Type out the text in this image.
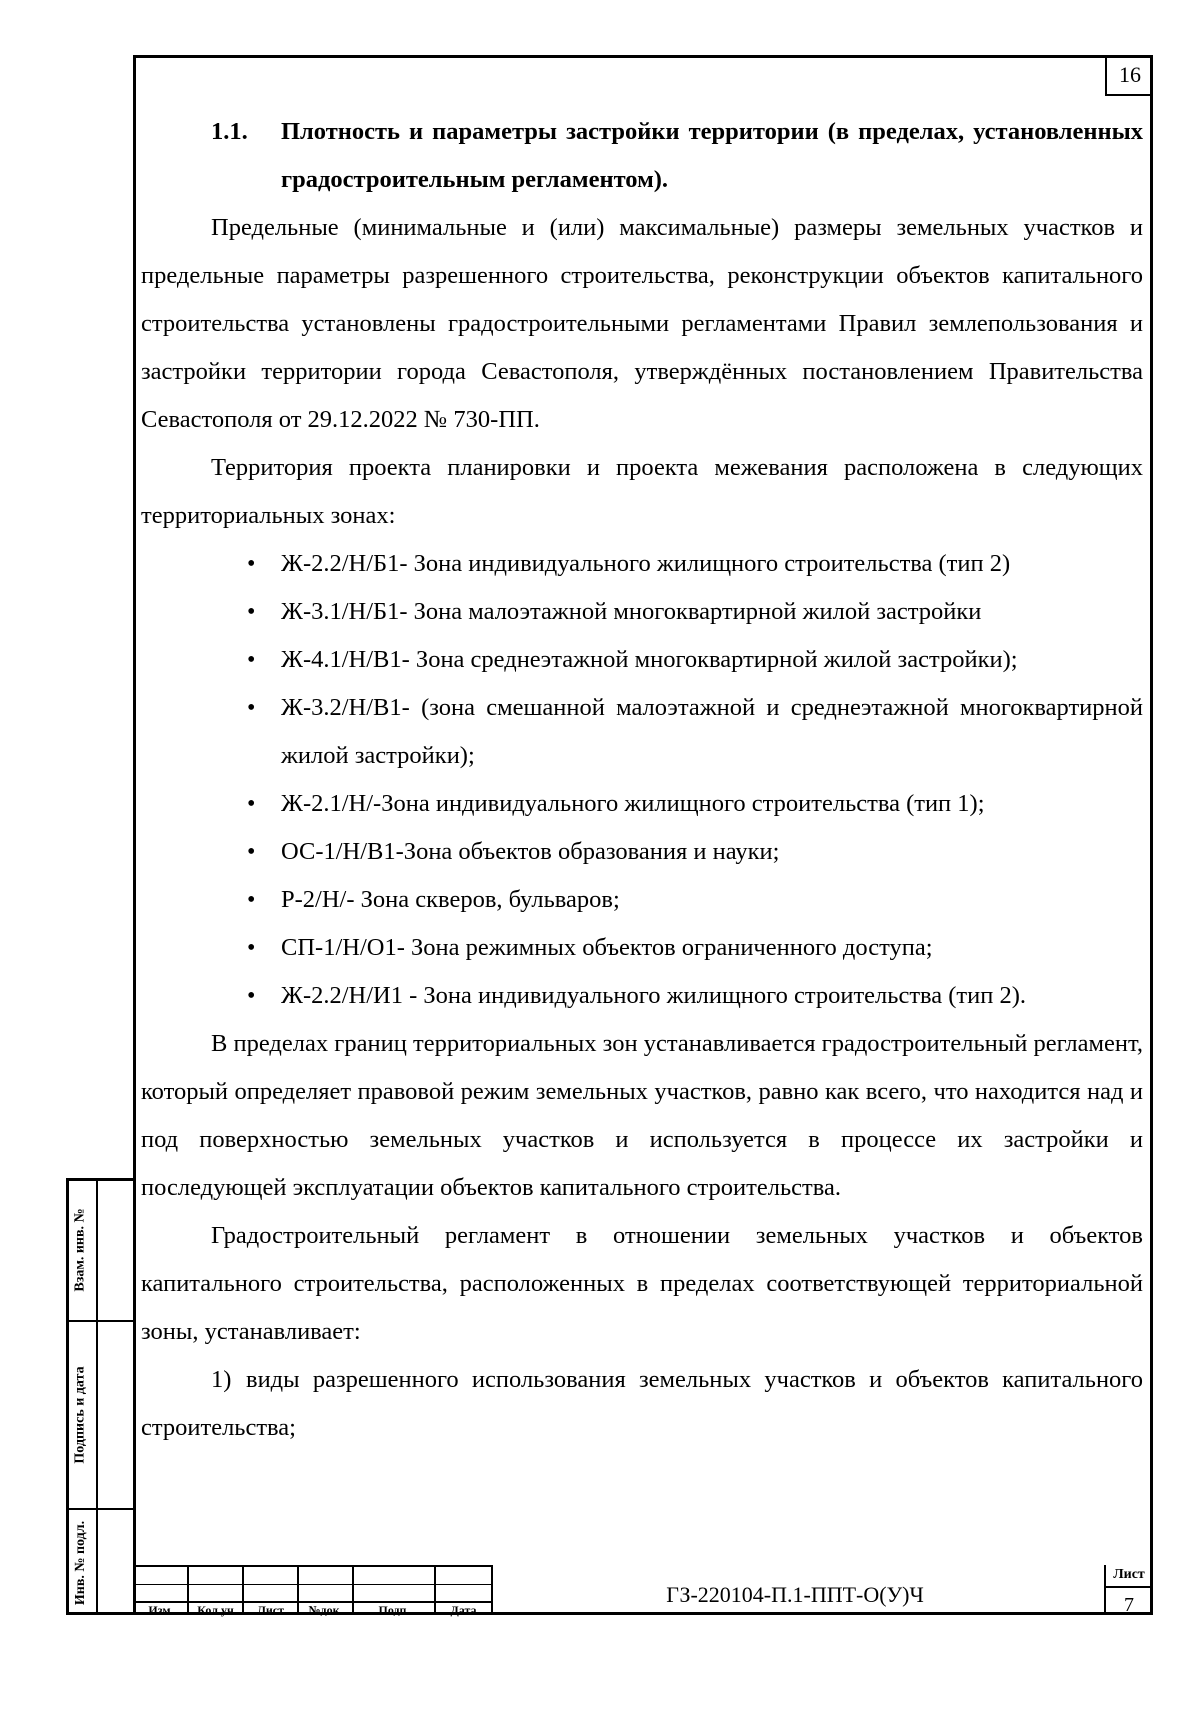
16
1.1.	Плотность и параметры застройки территории (в пределах, установленных градостроительным регламентом).

Предельные (минимальные и (или) максимальные) размеры земельных участков и предельные параметры разрешенного строительства, реконструкции объектов капитального строительства установлены градостроительными регламентами Правил землепользования и застройки территории города Севастополя, утверждённых постановлением Правительства Севастополя от 29.12.2022 № 730-ПП.

Территория проекта планировки и проекта межевания расположена в следующих территориальных зонах:

• Ж-2.2/Н/Б1- Зона индивидуального жилищного строительства (тип 2)
• Ж-3.1/Н/Б1- Зона малоэтажной многоквартирной жилой застройки
• Ж-4.1/Н/В1- Зона среднеэтажной многоквартирной жилой застройки);
• Ж-3.2/Н/В1- (зона смешанной малоэтажной и среднеэтажной многоквартирной жилой застройки);
• Ж-2.1/Н/-Зона индивидуального жилищного строительства (тип 1);
• ОС-1/Н/В1-Зона объектов образования и науки;
• Р-2/Н/- Зона скверов, бульваров;
• СП-1/Н/О1- Зона режимных объектов ограниченного доступа;
• Ж-2.2/Н/И1 - Зона индивидуального жилищного строительства (тип 2).

В пределах границ территориальных зон устанавливается градостроительный регламент, который определяет правовой режим земельных участков, равно как всего, что находится над и под поверхностью земельных участков и используется в процессе их застройки и последующей эксплуатации объектов капитального строительства.

Градостроительный регламент в отношении земельных участков и объектов капитального строительства, расположенных в пределах соответствующей территориальной зоны, устанавливает:

1) виды разрешенного использования земельных участков и объектов капитального строительства;

Взам. инв. №
Подпись и дата
Инв. № подл.
Изм.	Кол.уч	Лист	№док.	Подп.	Дата
ГЗ-220104-П.1-ППТ-О(У)Ч
Лист
7
